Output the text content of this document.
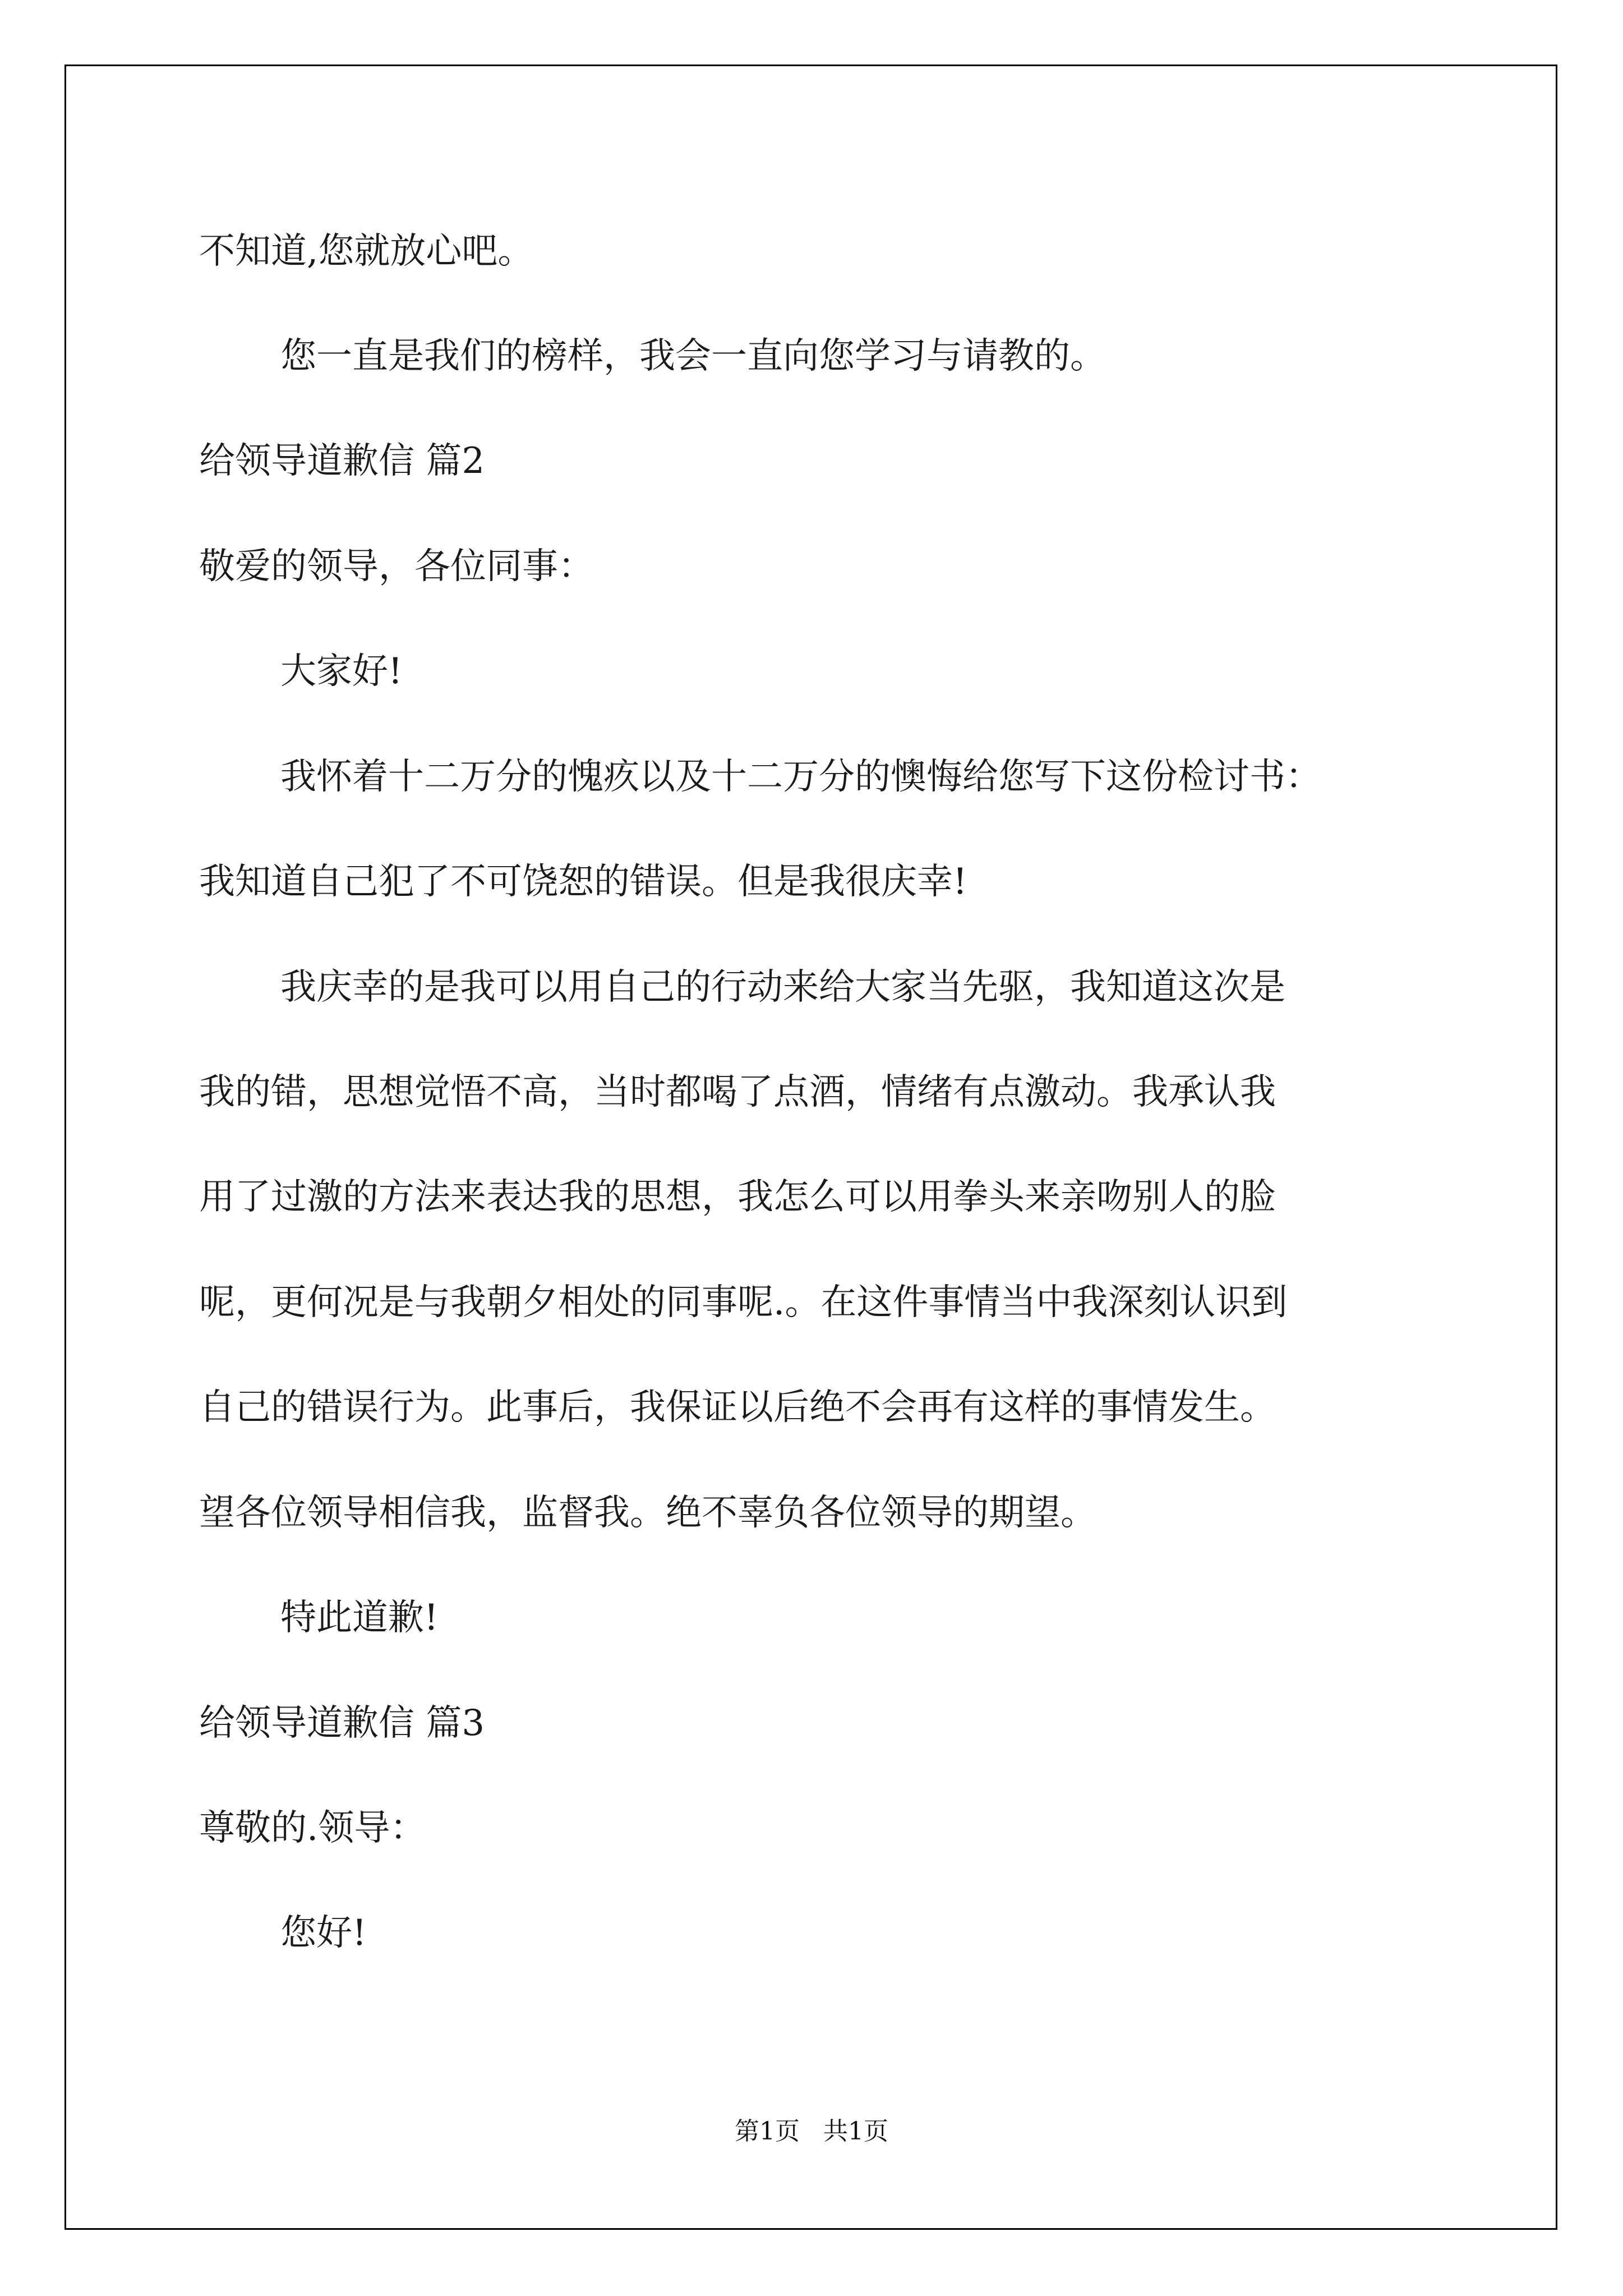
不知道,您就放心吧。

您一直是我们的榜样，我会一直向您学习与请教的。

给领导道歉信 篇2

敬爱的领导，各位同事：

大家好!

我怀着十二万分的愧疚以及十二万分的懊悔给您写下这份检讨书：

我知道自己犯了不可饶恕的错误。但是我很庆幸!

我庆幸的是我可以用自己的行动来给大家当先驱，我知道这次是

我的错，思想觉悟不高，当时都喝了点酒，情绪有点激动。我承认我

用了过激的方法来表达我的思想，我怎么可以用拳头来亲吻别人的脸

呢，更何况是与我朝夕相处的同事呢.。在这件事情当中我深刻认识到

自己的错误行为。此事后，我保证以后绝不会再有这样的事情发生。

望各位领导相信我，监督我。绝不辜负各位领导的期望。

特此道歉!

给领导道歉信 篇3

尊敬的.领导：

您好!

第1页   共1页
